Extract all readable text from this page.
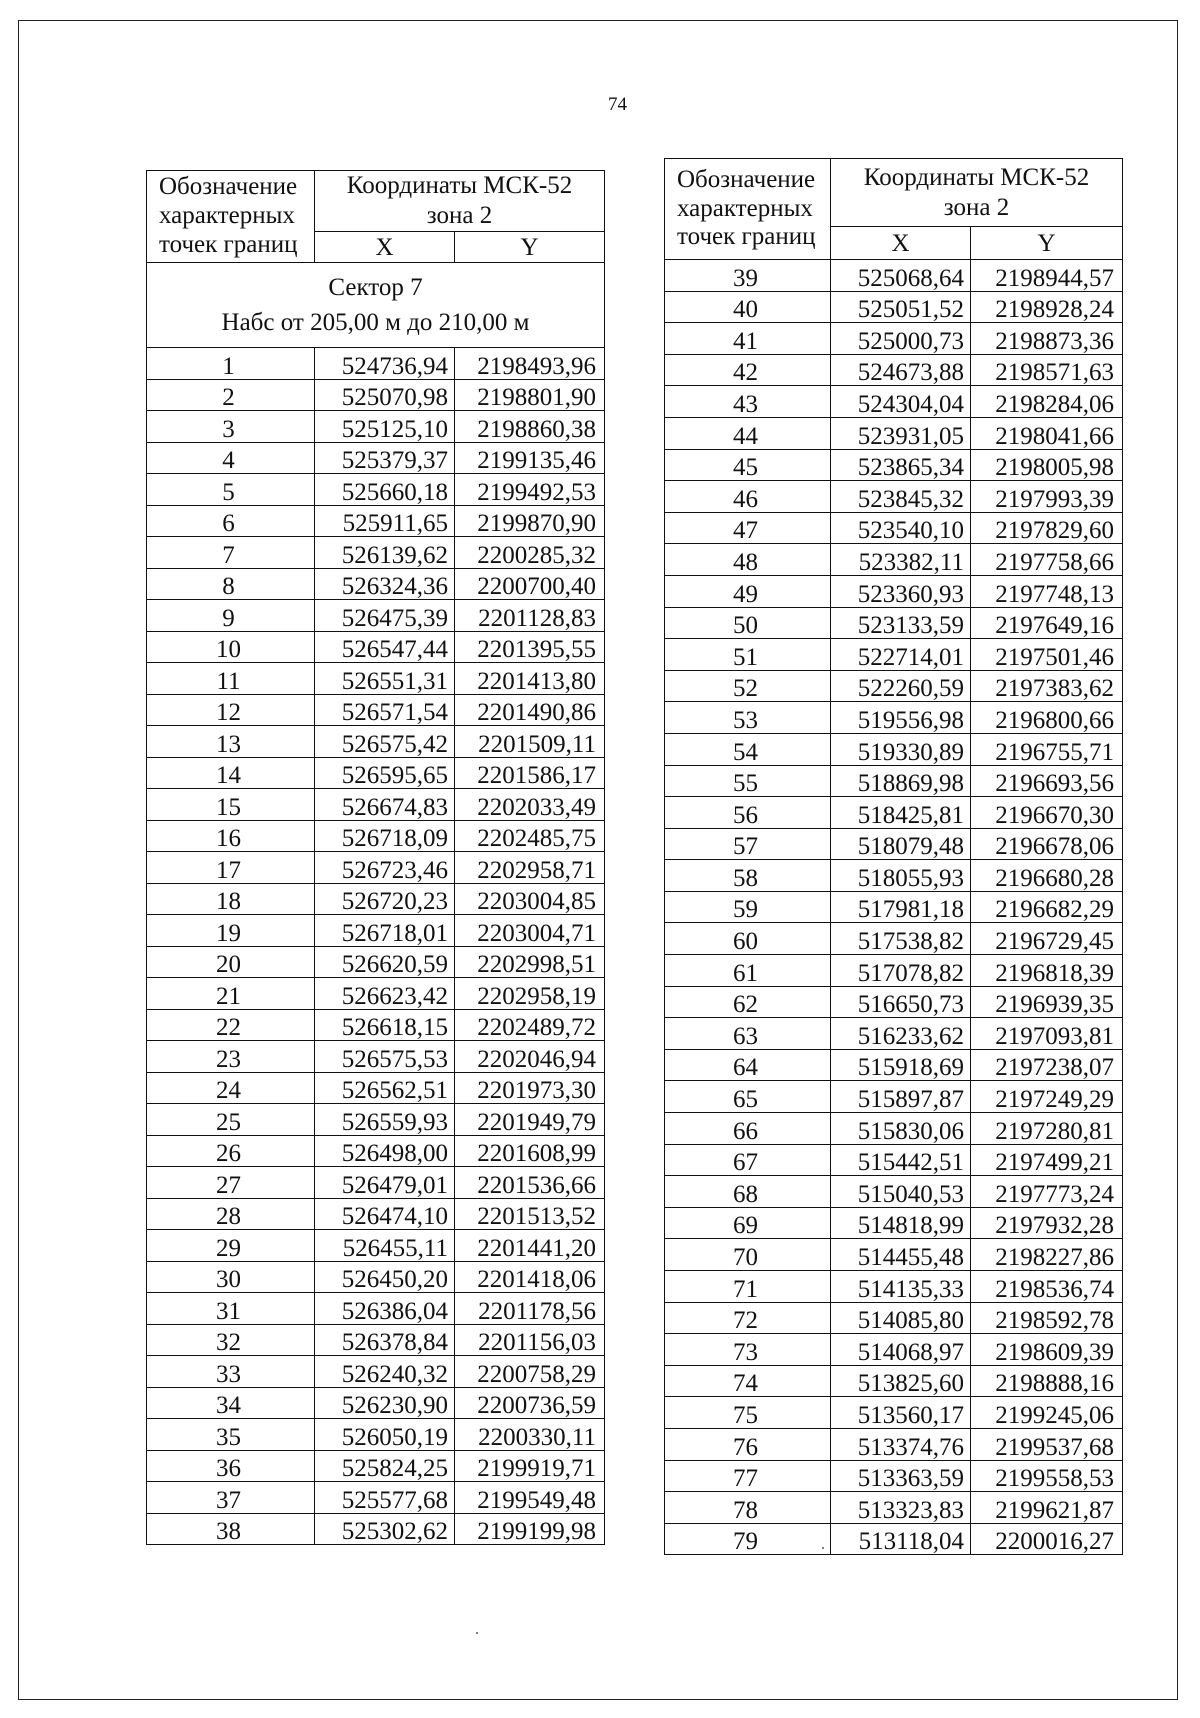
74
Обозначение характерных точек границ	Координаты МСК-52
зона 2	
	X	Y
Сектор 7
Набс от 205,00 м до 210,00 м		
1	524736,94	2198493,96
2	525070,98	2198801,90
3	525125,10	2198860,38
4	525379,37	2199135,46
5	525660,18	2199492,53
6	525911,65	2199870,90
7	526139,62	2200285,32
8	526324,36	2200700,40
9	526475,39	2201128,83
10	526547,44	2201395,55
11	526551,31	2201413,80
12	526571,54	2201490,86
13	526575,42	2201509,11
14	526595,65	2201586,17
15	526674,83	2202033,49
16	526718,09	2202485,75
17	526723,46	2202958,71
18	526720,23	2203004,85
19	526718,01	2203004,71
20	526620,59	2202998,51
21	526623,42	2202958,19
22	526618,15	2202489,72
23	526575,53	2202046,94
24	526562,51	2201973,30
25	526559,93	2201949,79
26	526498,00	2201608,99
27	526479,01	2201536,66
28	526474,10	2201513,52
29	526455,11	2201441,20
30	526450,20	2201418,06
31	526386,04	2201178,56
32	526378,84	2201156,03
33	526240,32	2200758,29
34	526230,90	2200736,59
35	526050,19	2200330,11
36	525824,25	2199919,71
37	525577,68	2199549,48
38	525302,62	2199199,98
Обозначение характерных точек границ	Координаты МСК-52
зона 2	
	X	Y
39	525068,64	2198944,57
40	525051,52	2198928,24
41	525000,73	2198873,36
42	524673,88	2198571,63
43	524304,04	2198284,06
44	523931,05	2198041,66
45	523865,34	2198005,98
46	523845,32	2197993,39
47	523540,10	2197829,60
48	523382,11	2197758,66
49	523360,93	2197748,13
50	523133,59	2197649,16
51	522714,01	2197501,46
52	522260,59	2197383,62
53	519556,98	2196800,66
54	519330,89	2196755,71
55	518869,98	2196693,56
56	518425,81	2196670,30
57	518079,48	2196678,06
58	518055,93	2196680,28
59	517981,18	2196682,29
60	517538,82	2196729,45
61	517078,82	2196818,39
62	516650,73	2196939,35
63	516233,62	2197093,81
64	515918,69	2197238,07
65	515897,87	2197249,29
66	515830,06	2197280,81
67	515442,51	2197499,21
68	515040,53	2197773,24
69	514818,99	2197932,28
70	514455,48	2198227,86
71	514135,33	2198536,74
72	514085,80	2198592,78
73	514068,97	2198609,39
74	513825,60	2198888,16
75	513560,17	2199245,06
76	513374,76	2199537,68
77	513363,59	2199558,53
78	513323,83	2199621,87
79	513118,04	2200016,27
